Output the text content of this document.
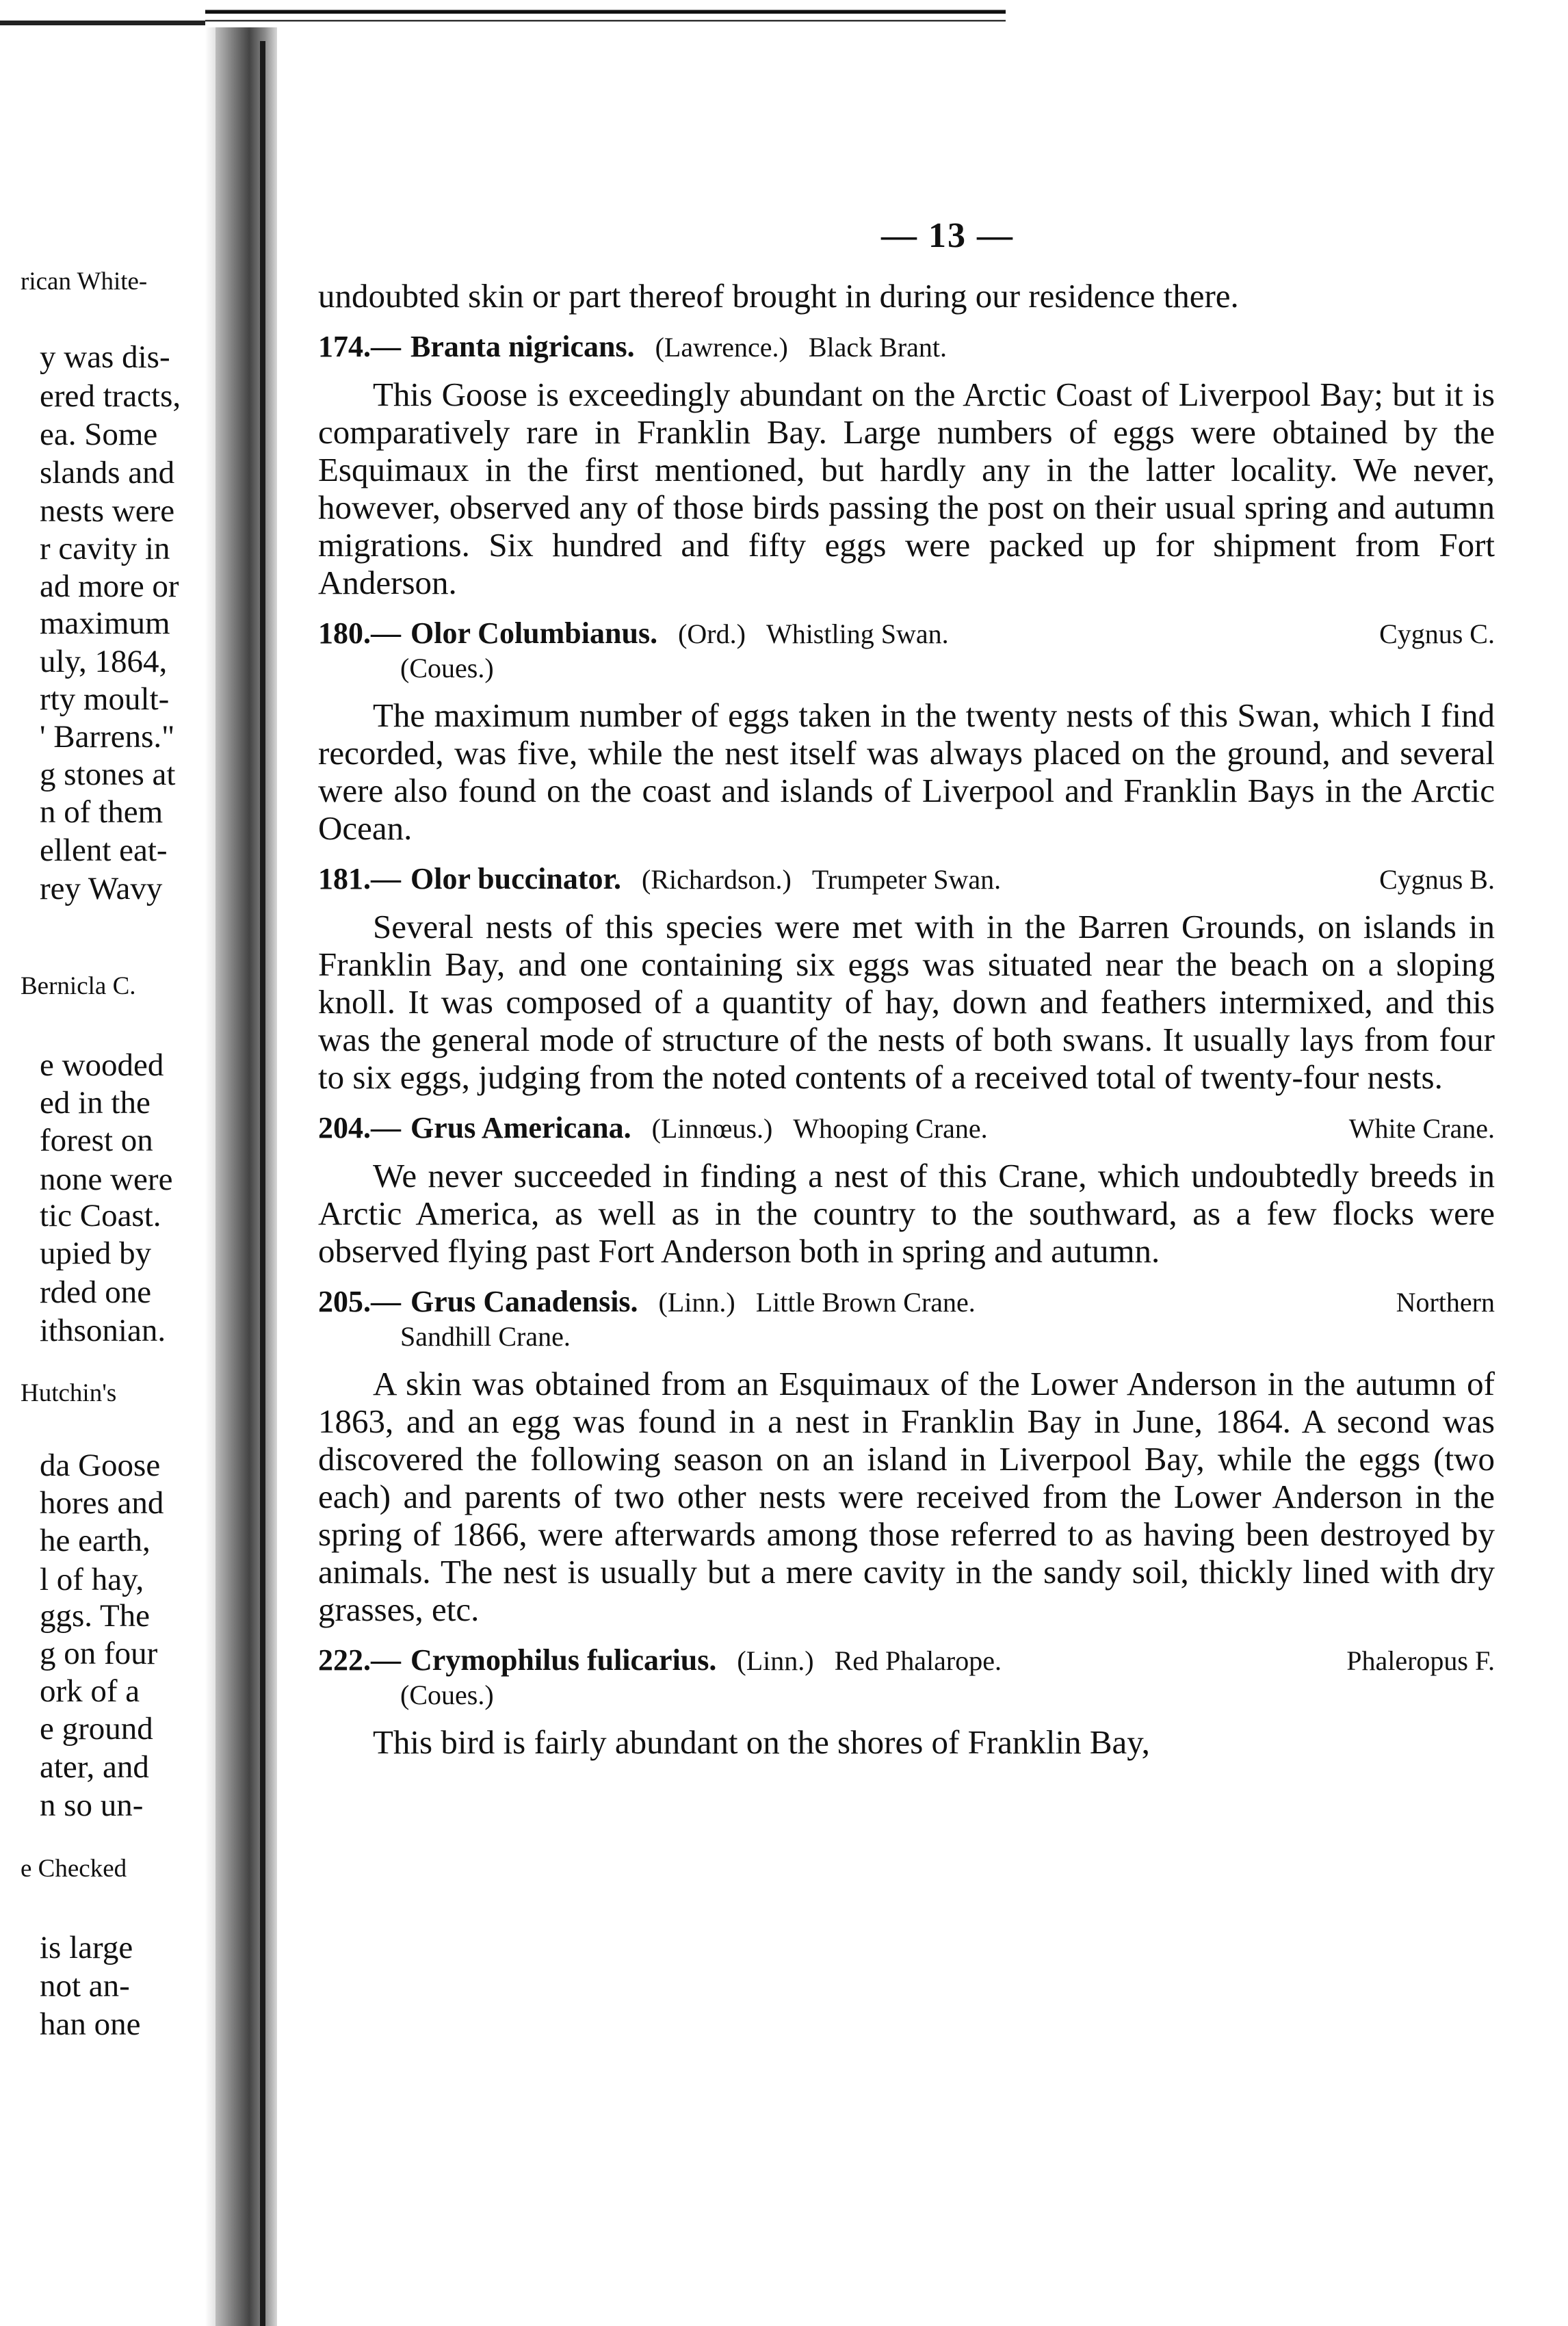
rican White-
y was dis-
ered tracts,
ea. Some
slands and
nests were
r cavity in
ad more or
maximum
uly, 1864,
rty moult-
' Barrens."
g stones at
n of them
ellent eat-
rey Wavy
Bernicla C.
e wooded
ed in the
forest on
none were
tic Coast.
upied by
rded one
ithsonian.
Hutchin's
da Goose
hores and
he earth,
l of hay,
ggs. The
g on four
ork of a
e ground
ater, and
n so un-
e Checked
is large
not an-
han one
— 13 —

undoubted skin or part thereof brought in during our residence there.

174.— Branta nigricans. (Lawrence.) Black Brant.

This Goose is exceedingly abundant on the Arctic Coast of Liverpool Bay; but it is comparatively rare in Franklin Bay. Large numbers of eggs were obtained by the Esquimaux in the first mentioned, but hardly any in the latter locality. We never, however, observed any of those birds passing the post on their usual spring and autumn migrations. Six hundred and fifty eggs were packed up for shipment from Fort Anderson.

180.— Olor Columbianus. (Ord.) Whistling Swan.	Cygnus C.
(Coues.)

The maximum number of eggs taken in the twenty nests of this Swan, which I find recorded, was five, while the nest itself was always placed on the ground, and several were also found on the coast and islands of Liverpool and Franklin Bays in the Arctic Ocean.

181.— Olor buccinator. (Richardson.) Trumpeter Swan.	Cygnus B.

Several nests of this species were met with in the Barren Grounds, on islands in Franklin Bay, and one containing six eggs was situated near the beach on a sloping knoll. It was composed of a quantity of hay, down and feathers intermixed, and this was the general mode of structure of the nests of both swans. It usually lays from four to six eggs, judging from the noted contents of a received total of twenty-four nests.

204.— Grus Americana. (Linnœus.) Whooping Crane.	White Crane.

We never succeeded in finding a nest of this Crane, which undoubtedly breeds in Arctic America, as well as in the country to the southward, as a few flocks were observed flying past Fort Anderson both in spring and autumn.

205.— Grus Canadensis. (Linn.) Little Brown Crane.	Northern
Sandhill Crane.

A skin was obtained from an Esquimaux of the Lower Anderson in the autumn of 1863, and an egg was found in a nest in Franklin Bay in June, 1864. A second was discovered the following season on an island in Liverpool Bay, while the eggs (two each) and parents of two other nests were received from the Lower Anderson in the spring of 1866, were afterwards among those referred to as having been destroyed by animals. The nest is usually but a mere cavity in the sandy soil, thickly lined with dry grasses, etc.

222.— Crymophilus fulicarius. (Linn.) Red Phalarope.	Phaleropus F.
(Coues.)

This bird is fairly abundant on the shores of Franklin Bay,
